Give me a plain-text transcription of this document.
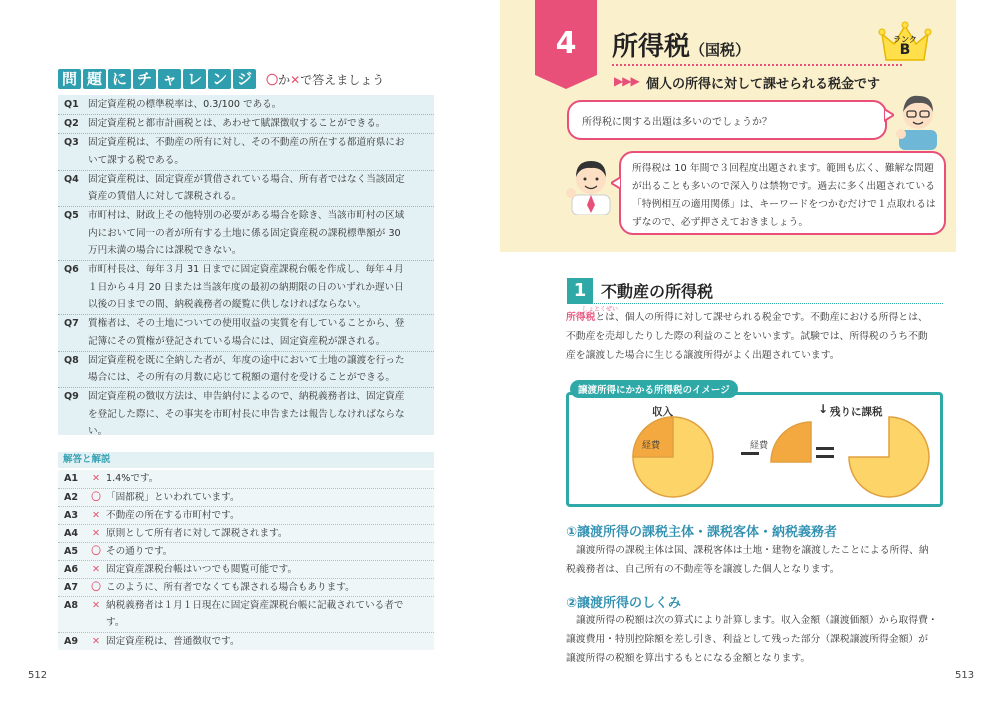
問 題 に チ ャ レ ン ジ	〇か✕で答えましょう
Q1 固定資産税の標準税率は、0.3/100 である。
Q2 固定資産税と都市計画税とは、あわせて賦課徴収することができる。
Q3 固定資産税は、不動産の所有に対し、その不動産の所在する都道府県にお
いて課する税である。
Q4 固定資産税は、固定資産が賃借されている場合、所有者ではなく当該固定
資産の賃借人に対して課税される。
Q5 市町村は、財政上その他特別の必要がある場合を除き、当該市町村の区域
内において同一の者が所有する土地に係る固定資産税の課税標準額が 30
万円未満の場合には課税できない。
Q6 市町村長は、毎年３月 31 日までに固定資産課税台帳を作成し、毎年４月
１日から４月 20 日または当該年度の最初の納期限の日のいずれか遅い日
以後の日までの間、納税義務者の縦覧に供しなければならない。
Q7 質権者は、その土地についての使用収益の実質を有していることから、登
記簿にその質権が登記されている場合には、固定資産税が課される。
Q8 固定資産税を既に全納した者が、年度の途中において土地の譲渡を行った
場合には、その所有の月数に応じて税額の還付を受けることができる。
Q9 固定資産税の徴収方法は、申告納付によるので、納税義務者は、固定資産
を登記した際に、その事実を市町村長に申告または報告しなければならな
い。
解答と解説
A1	✕ 1.4%です。
A2	〇 「固都税」といわれています。
A3	✕ 不動産の所在する市町村です。
A4	✕ 原則として所有者に対して課税されます。
A5	〇 その通りです。
A6	✕ 固定資産課税台帳はいつでも閲覧可能です。
A7	〇 このように、所有者でなくても課される場合もあります。
A8	✕ 納税義務者は１月１日現在に固定資産課税台帳に記載されている者で
す。
A9	✕ 固定資産税は、普通徴収です。
512
4	所得税（国税）
ランク
B
▶▶▶ 個人の所得に対して課せられる税金です
所得税に関する出題は多いのでしょうか？
所得税は 10 年間で３回程度出題されます。範囲も広く、難解な問題が出ることも多いので深入りは禁物です。過去に多く出題されている「特例相互の適用関係」は、キーワードをつかむだけで１点取れるはずなので、必ず押さえておきましょう。
1 不動産の所得税
しょとくぜい
所得税とは、個人の所得に対して課せられる税金です。不動産における所得とは、
不動産を売却したりした際の利益のことをいいます。試験では、所得税のうち不動
産を譲渡した場合に生じる譲渡所得がよく出題されています。
譲渡所得にかかる所得税のイメージ
収入
経費	経費
↓ 残りに課税
①譲渡所得の課税主体・課税客体・納税義務者
譲渡所得の課税主体は国、課税客体は土地・建物を譲渡したことによる所得、納
税義務者は、自己所有の不動産等を譲渡した個人となります。
②譲渡所得のしくみ
譲渡所得の税額は次の算式により計算します。収入金額（譲渡価額）から取得費・
譲渡費用・特別控除額を差し引き、利益として残った部分（課税譲渡所得金額）が
譲渡所得の税額を算出するもとになる金額となります。
513
